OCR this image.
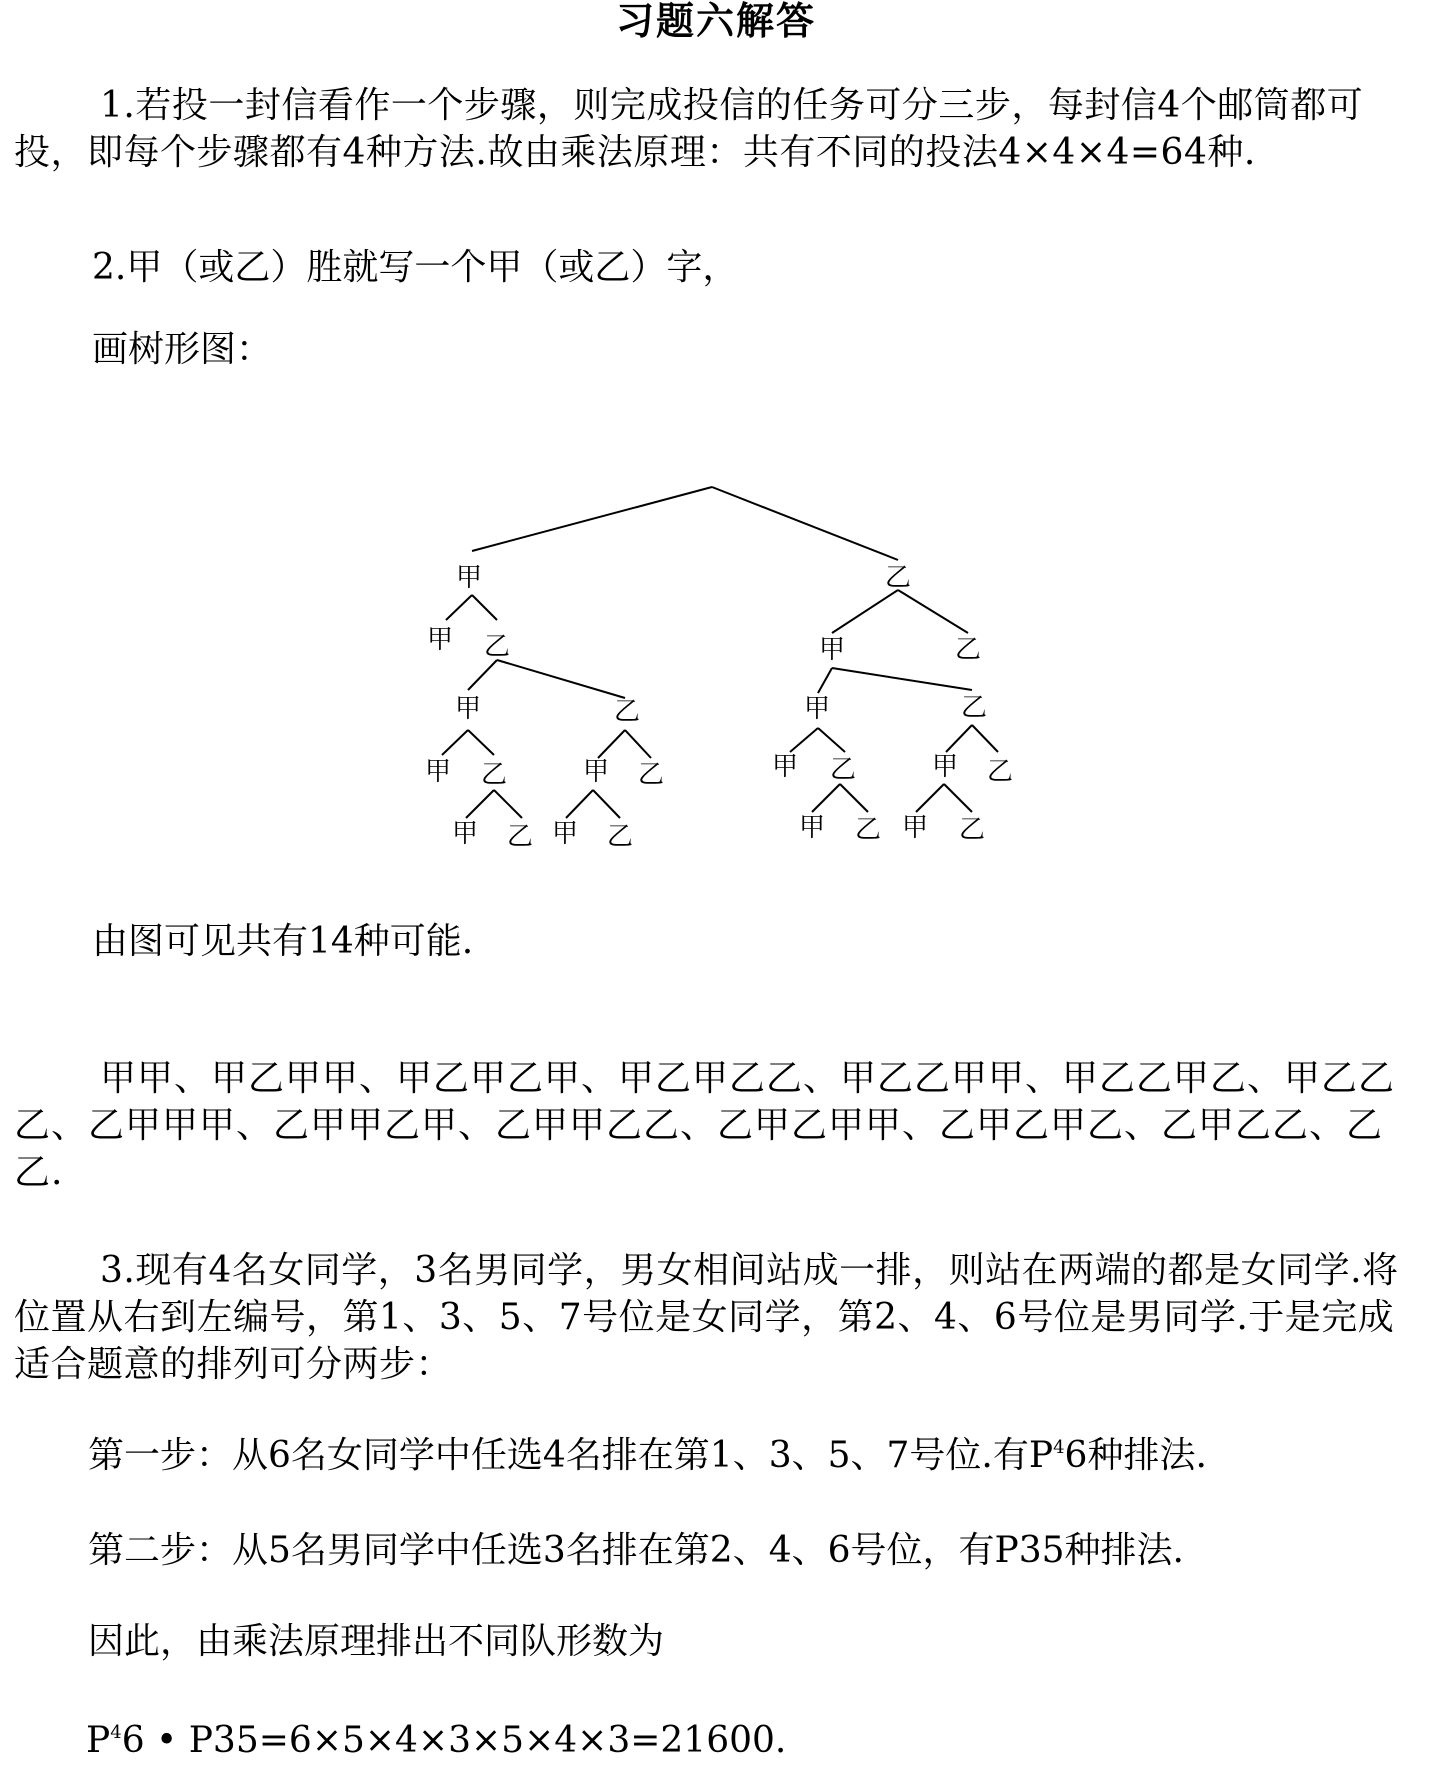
习题六解答

1.若投一封信看作一个步骤，则完成投信的任务可分三步，每封信4个邮筒都可投，即每个步骤都有4种方法.故由乘法原理：共有不同的投法4×4×4=64种.

2.甲（或乙）胜就写一个甲（或乙）字，

画树形图：

甲	乙
甲 乙	甲	乙
甲	乙	甲	乙
甲 乙	甲 乙	甲 乙	甲 乙
甲 乙 甲 乙	甲 乙 甲 乙

由图可见共有14种可能.

甲甲、甲乙甲甲、甲乙甲乙甲、甲乙甲乙乙、甲乙乙甲甲、甲乙乙甲乙、甲乙乙乙、乙甲甲甲、乙甲甲乙甲、乙甲甲乙乙、乙甲乙甲甲、乙甲乙甲乙、乙甲乙乙、乙乙.

3.现有4名女同学，3名男同学，男女相间站成一排，则站在两端的都是女同学.将位置从右到左编号，第1、3、5、7号位是女同学，第2、4、6号位是男同学.于是完成适合题意的排列可分两步：

第一步：从6名女同学中任选4名排在第1、3、5、7号位.有$P^46$种排法.

第二步：从5名男同学中任选3名排在第2、4、6号位，有P35种排法.

因此，由乘法原理排出不同队形数为

$P^46$ • P35=6×5×4×3×5×4×3=21600.
